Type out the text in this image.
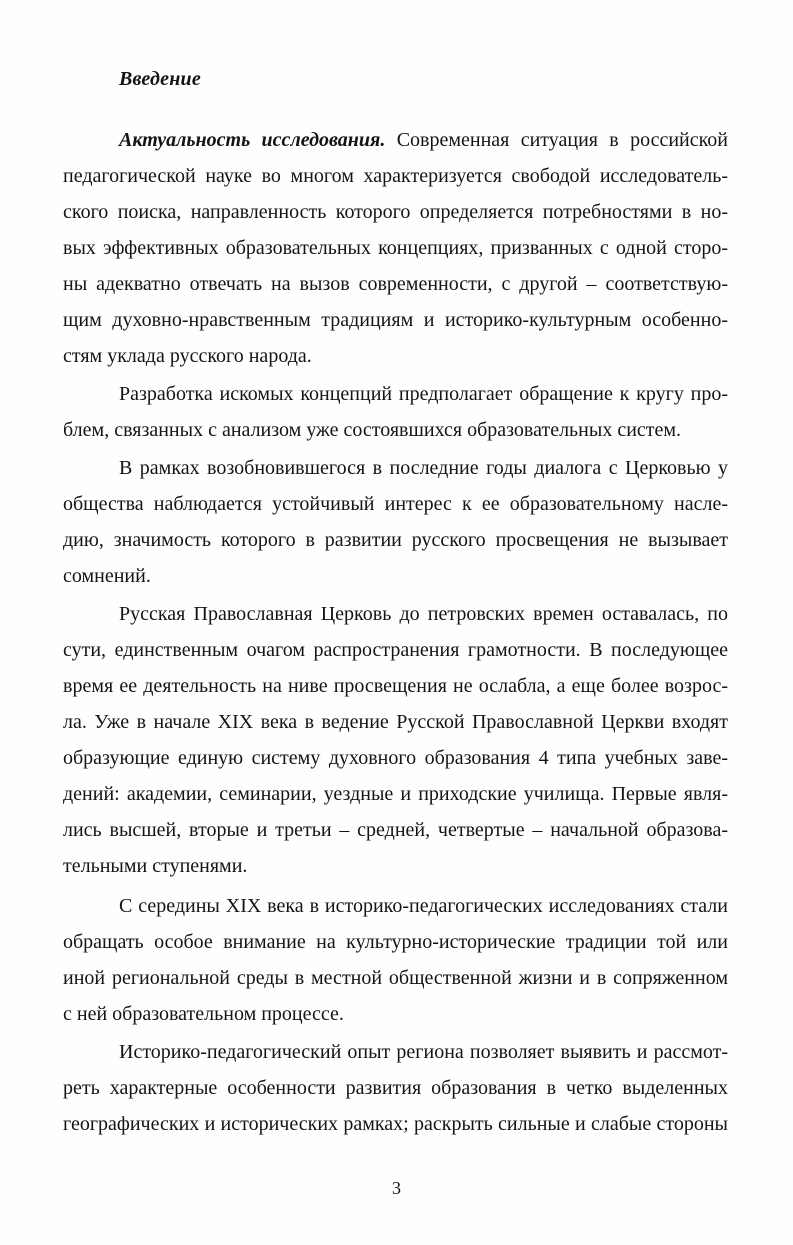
Введение
Актуальность исследования. Современная ситуация в российской
педагогической науке во многом характеризуется свободой исследователь-
ского поиска, направленность которого определяется потребностями в но-
вых эффективных образовательных концепциях, призванных с одной сторо-
ны адекватно отвечать на вызов современности, с другой – соответствую-
щим духовно-нравственным традициям и историко-культурным особенно-
стям уклада русского народа.
Разработка искомых концепций предполагает обращение к кругу про-
блем, связанных с анализом уже состоявшихся образовательных систем.
В рамках возобновившегося в последние годы диалога с Церковью у
общества наблюдается устойчивый интерес к ее образовательному насле-
дию, значимость которого в развитии русского просвещения не вызывает
сомнений.
Русская Православная Церковь до петровских времен оставалась, по
сути, единственным очагом распространения грамотности. В последующее
время ее деятельность на ниве просвещения не ослабла, а еще более возрос-
ла. Уже в начале XIX века в ведение Русской Православной Церкви входят
образующие единую систему духовного образования 4 типа учебных заве-
дений: академии, семинарии, уездные и приходские училища. Первые явля-
лись высшей, вторые и третьи – средней, четвертые – начальной образова-
тельными ступенями.
С середины XIX века в историко-педагогических исследованиях стали
обращать особое внимание на культурно-исторические традиции той или
иной региональной среды в местной общественной жизни и в сопряженном
с ней образовательном процессе.
Историко-педагогический опыт региона позволяет выявить и рассмот-
реть характерные особенности развития образования в четко выделенных
географических и исторических рамках; раскрыть сильные и слабые стороны
3
